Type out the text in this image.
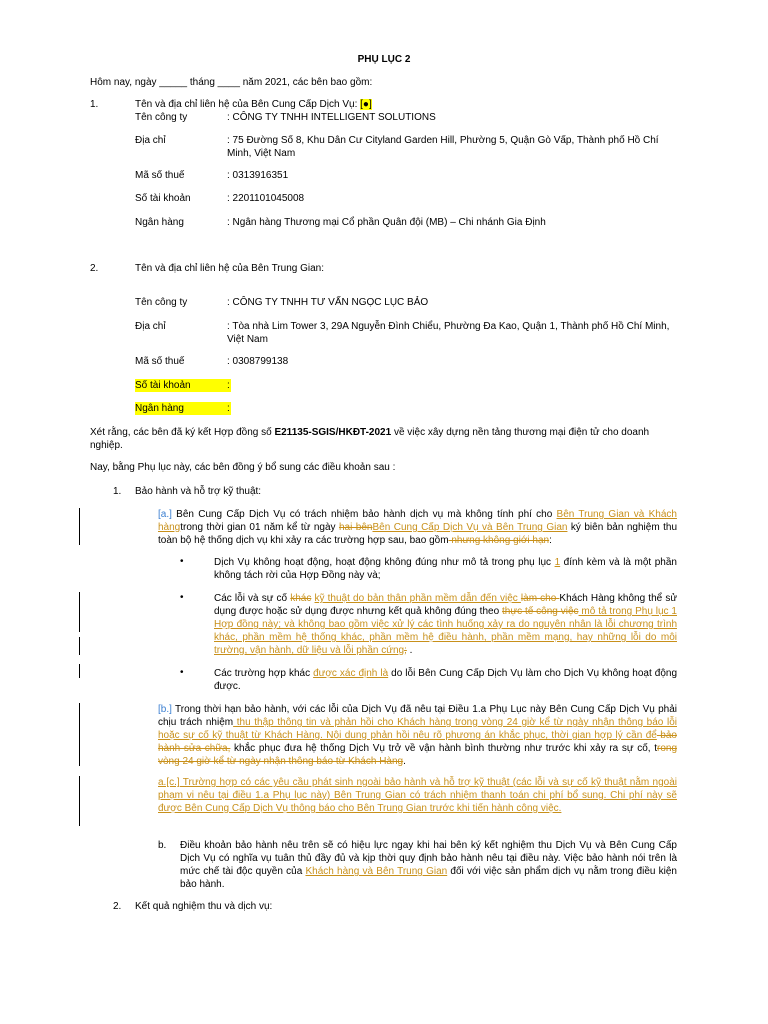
PHỤ LỤC 2
Hôm nay, ngày _____ tháng ____ năm 2021, các bên bao gồm:
1.	Tên và địa chỉ liên hệ của Bên Cung Cấp Dịch Vụ: [●]
Tên công ty	: CÔNG TY TNHH INTELLIGENT SOLUTIONS
Địa chỉ	: 75 Đường Số 8, Khu Dân Cư Cityland Garden Hill, Phường 5, Quận Gò Vấp, Thành phố Hồ Chí Minh, Việt Nam
Mã số thuế	: 0313916351
Số tài khoản	: 2201101045008
Ngân hàng	: Ngân hàng Thương mại Cổ phần Quân đội (MB) – Chi nhánh Gia Định
2.	Tên và địa chỉ liên hệ của Bên Trung Gian:
Tên công ty	: CÔNG TY TNHH TƯ VẤN NGỌC LỤC BẢO
Địa chỉ	: Tòa nhà Lim Tower 3, 29A Nguyễn Đình Chiểu, Phường Đa Kao, Quận 1, Thành phố Hồ Chí Minh, Việt Nam
Mã số thuế	: 0308799138
Số tài khoản	:
Ngân hàng	:
Xét rằng, các bên đã ký kết Hợp đồng số E21135-SGIS/HKĐT-2021 về việc xây dựng nền tảng thương mại điện tử cho doanh nghiệp.
Nay, bằng Phụ lục này, các bên đồng ý bổ sung các điều khoản sau :
1. Bảo hành và hỗ trợ kỹ thuật:
[a.] Bên Cung Cấp Dịch Vụ có trách nhiệm bảo hành dịch vụ mà không tính phí cho Bên Trung Gian và Khách hàngtrong thời gian 01 năm kể từ ngày hai bênBên Cung Cấp Dịch Vụ và Bên Trung Gian ký biên bản nghiệm thu toàn bộ hệ thống dịch vụ khi xảy ra các trường hợp sau, bao gồm nhưng không giới hạn:
•	Dịch Vụ không hoạt động, hoạt động không đúng như mô tả trong phụ lục 1 đính kèm và là một phần không tách rời của Hợp Đồng này và;
•	Các lỗi và sự cố khác kỹ thuật do bản thân phần mềm dẫn đến việc làm cho Khách Hàng không thể sử dụng được hoặc sử dụng được nhưng kết quả không đúng theo thực tế công việc mô tả trong Phụ lục 1 Hợp đồng này; và không bao gồm việc xử lý các tình huống xảy ra do nguyên nhân là lỗi chương trình khác, phần mềm hệ thống khác, phần mềm hệ điều hành, phần mềm mạng, hay những lỗi do môi trường, vận hành, dữ liệu và lỗi phần cứng; .
•	Các trường hợp khác được xác định là do lỗi Bên Cung Cấp Dịch Vụ làm cho Dịch Vụ không hoạt động được.
[b.] Trong thời hạn bảo hành, với các lỗi của Dịch Vụ đã nêu tại Điều 1.a Phụ Lục này Bên Cung Cấp Dịch Vụ phải chịu trách nhiệm thu thập thông tin và phản hồi cho Khách hàng trong vòng 24 giờ kể từ ngày nhận thông báo lỗi hoặc sự cố kỹ thuật từ Khách Hàng. Nội dung phản hồi nêu rõ phương án khắc phục, thời gian hợp lý cần để bảo hành sửa chữa, khắc phục đưa hệ thống Dịch Vụ trở về vận hành bình thường như trước khi xảy ra sự cố, trong vòng 24 giờ kể từ ngày nhận thông báo từ Khách Hàng.
a.[c.] Trường hợp có các yêu cầu phát sinh ngoài bảo hành và hỗ trợ kỹ thuật (các lỗi và sự cố kỹ thuật nằm ngoài phạm vi nêu tại điều 1.a Phụ lục này) Bên Trung Gian có trách nhiệm thanh toán chi phí bổ sung. Chi phí này sẽ được Bên Cung Cấp Dịch Vụ thông báo cho Bên Trung Gian trước khi tiến hành công việc.
b. Điều khoản bảo hành nêu trên sẽ có hiệu lực ngay khi hai bên ký kết nghiệm thu Dịch Vụ và Bên Cung Cấp Dịch Vụ có nghĩa vụ tuân thủ đầy đủ và kịp thời quy định bảo hành nêu tại điều này. Việc bảo hành nói trên là mức chế tài độc quyền của Khách hàng và Bên Trung Gian đối với việc sản phẩm dịch vụ nằm trong điều kiện bảo hành.
2. Kết quả nghiệm thu và dịch vụ:
